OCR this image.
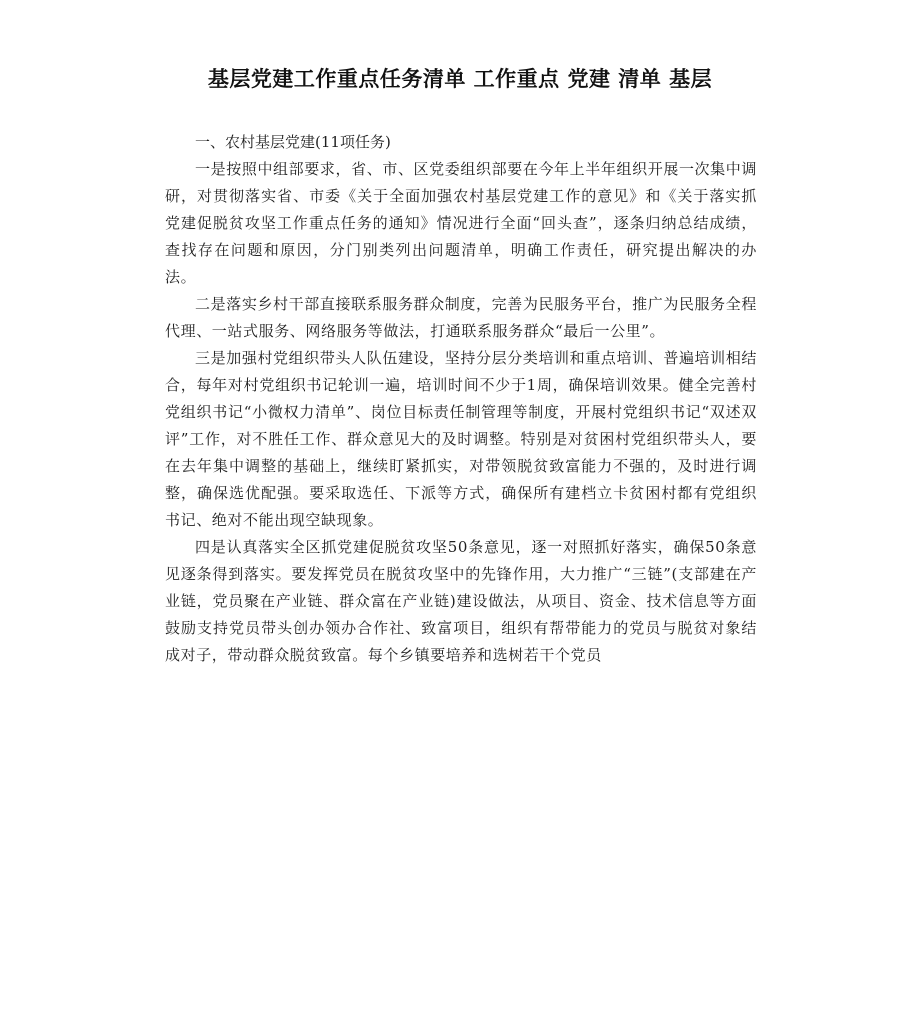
基层党建工作重点任务清单 工作重点 党建 清单 基层

一、农村基层党建(11项任务)

一是按照中组部要求，省、市、区党委组织部要在今年上半年组织开展一次集中调研，对贯彻落实省、市委《关于全面加强农村基层党建工作的意见》和《关于落实抓党建促脱贫攻坚工作重点任务的通知》情况进行全面“回头查”，逐条归纳总结成绩，查找存在问题和原因，分门别类列出问题清单，明确工作责任，研究提出解决的办法。

二是落实乡村干部直接联系服务群众制度，完善为民服务平台，推广为民服务全程代理、一站式服务、网络服务等做法，打通联系服务群众“最后一公里”。

三是加强村党组织带头人队伍建设，坚持分层分类培训和重点培训、普遍培训相结合，每年对村党组织书记轮训一遍，培训时间不少于1周，确保培训效果。健全完善村党组织书记“小微权力清单”、岗位目标责任制管理等制度，开展村党组织书记“双述双评”工作，对不胜任工作、群众意见大的及时调整。特别是对贫困村党组织带头人，要在去年集中调整的基础上，继续盯紧抓实，对带领脱贫致富能力不强的，及时进行调整，确保选优配强。要采取选任、下派等方式，确保所有建档立卡贫困村都有党组织书记、绝对不能出现空缺现象。

四是认真落实全区抓党建促脱贫攻坚50条意见，逐一对照抓好落实，确保50条意见逐条得到落实。要发挥党员在脱贫攻坚中的先锋作用，大力推广“三链”(支部建在产业链，党员聚在产业链、群众富在产业链)建设做法，从项目、资金、技术信息等方面鼓励支持党员带头创办领办合作社、致富项目，组织有帮带能力的党员与脱贫对象结成对子，带动群众脱贫致富。每个乡镇要培养和选树若干个党员
